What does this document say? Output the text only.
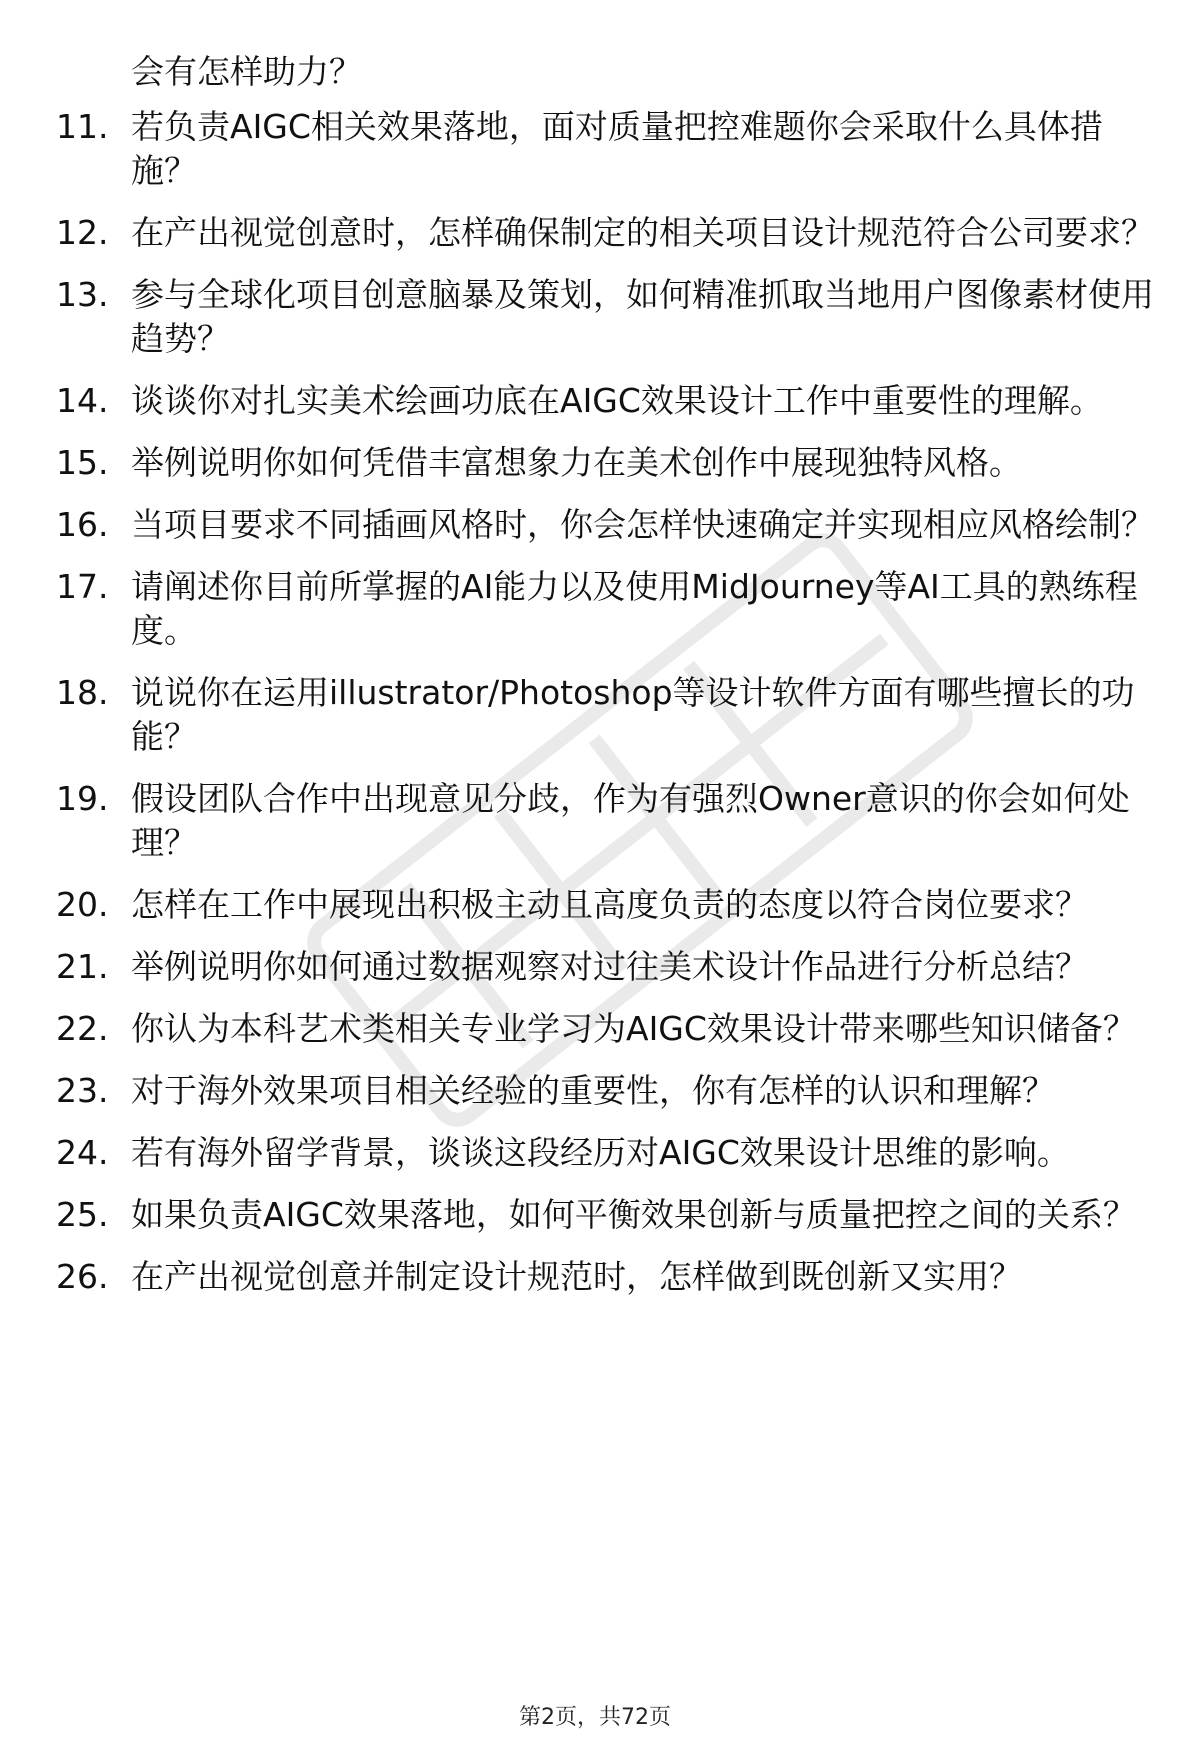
会有怎样助力？

11. 若负责AIGC相关效果落地，面对质量把控难题你会采取什么具体措施？
12. 在产出视觉创意时，怎样确保制定的相关项目设计规范符合公司要求？
13. 参与全球化项目创意脑暴及策划，如何精准抓取当地用户图像素材使用趋势？
14. 谈谈你对扎实美术绘画功底在AIGC效果设计工作中重要性的理解。
15. 举例说明你如何凭借丰富想象力在美术创作中展现独特风格。
16. 当项目要求不同插画风格时，你会怎样快速确定并实现相应风格绘制？
17. 请阐述你目前所掌握的AI能力以及使用MidJourney等AI工具的熟练程度。
18. 说说你在运用illustrator/Photoshop等设计软件方面有哪些擅长的功能？
19. 假设团队合作中出现意见分歧，作为有强烈Owner意识的你会如何处理？
20. 怎样在工作中展现出积极主动且高度负责的态度以符合岗位要求？
21. 举例说明你如何通过数据观察对过往美术设计作品进行分析总结？
22. 你认为本科艺术类相关专业学习为AIGC效果设计带来哪些知识储备？
23. 对于海外效果项目相关经验的重要性，你有怎样的认识和理解？
24. 若有海外留学背景，谈谈这段经历对AIGC效果设计思维的影响。
25. 如果负责AIGC效果落地，如何平衡效果创新与质量把控之间的关系？
26. 在产出视觉创意并制定设计规范时，怎样做到既创新又实用？
第2页，共72页
